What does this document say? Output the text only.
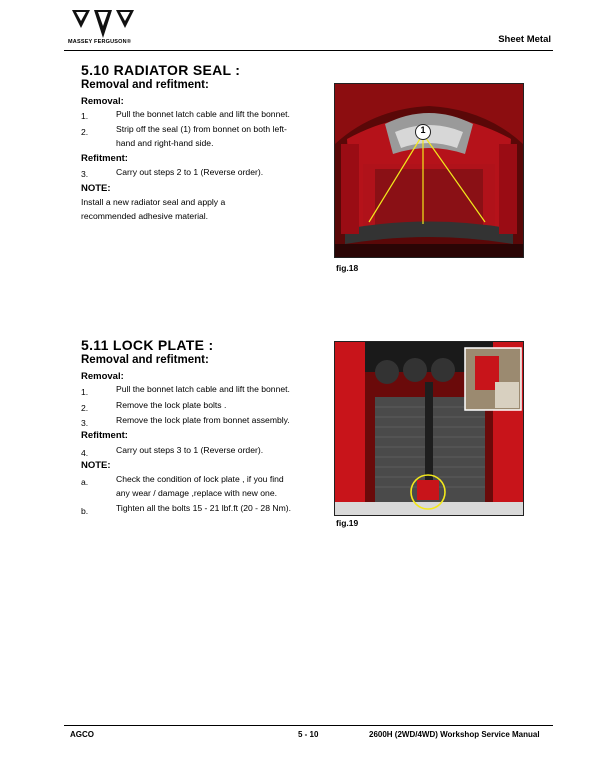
MASSEY FERGUSON®	Sheet Metal
5.10 RADIATOR SEAL :
Removal and refitment:
Removal:
1.	Pull the bonnet latch cable and lift the bonnet.
2.	Strip off the seal (1) from bonnet on both left-
hand and right-hand side.
Refitment:
3.	Carry out steps 2 to 1 (Reverse order).
NOTE:
Install a new radiator seal and apply a
recommended adhesive material.
1
fig.18
5.11 LOCK PLATE :
Removal and refitment:
Removal:
1.	Pull the bonnet latch cable and lift the bonnet.
2.	Remove the lock plate bolts .
3.	Remove the lock plate from bonnet assembly.
Refitment:
4.	Carry out steps 3 to 1 (Reverse order).
NOTE:
a.	Check the condition of lock plate , if you find
any wear / damage ,replace with new one.
b.	Tighten all the bolts 15 - 21 lbf.ft (20 - 28 Nm).
fig.19
AGCO	5 - 10	2600H (2WD/4WD) Workshop Service Manual
